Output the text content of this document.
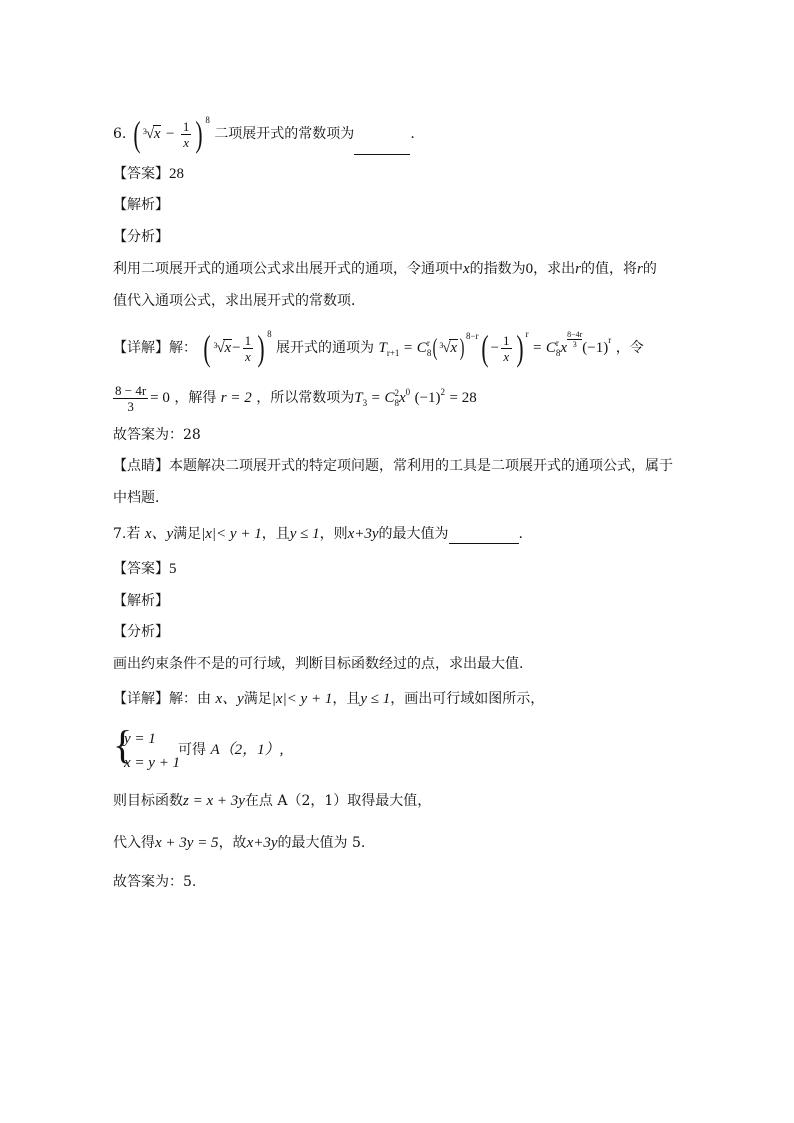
6. ( 3 √ $x - \frac{1}{x}$ ) $^8$ 二项展开式的常数项为	.
【答案】28
【解析】
【分析】
利用二项展开式的通项公式求出展开式的通项，令通项中x的指数为0，求出r的值，将r的
值代入通项公式，求出展开式的常数项．
【详解】解： ( 3 √ $x- \frac{1}{x}$ ) $^8$ 展开式的通项为 $T_{r+1} = C$ r
8 ( 3 √ x ) $^{8-r}( - \frac{1}{x}$ ) $^r$ = C r
8 x $\frac{8-4r}{3} (-1)^r$ ，令
$\frac{8 - 4r}{3} = 0$ ，解得 r = 2 ，所以常数项为$T_3 = C$ 2
8 $x^0$ $(-1)^2 = 28$
故答案为：28
【点睛】本题解决二项展开式的特定项问题，常利用的工具是二项展开式的通项公式，属于
中档题．
7.若 x、y满足|x|< y + 1，且y ≤ 1，则x+3y的最大值为	.
【答案】5
【解析】
【分析】
画出约束条件不是的可行域，判断目标函数经过的点，求出最大值.
【详解】解：由 x、y满足|x|< y + 1，且y ≤ 1，画出可行域如图所示，
{
y = 1
x = y + 1
可得 A（2，1）,
则目标函数z = x + 3y在点 A（2，1）取得最大值，
代入得x + 3y = 5，故x+3y的最大值为 5.
故答案为：5.
